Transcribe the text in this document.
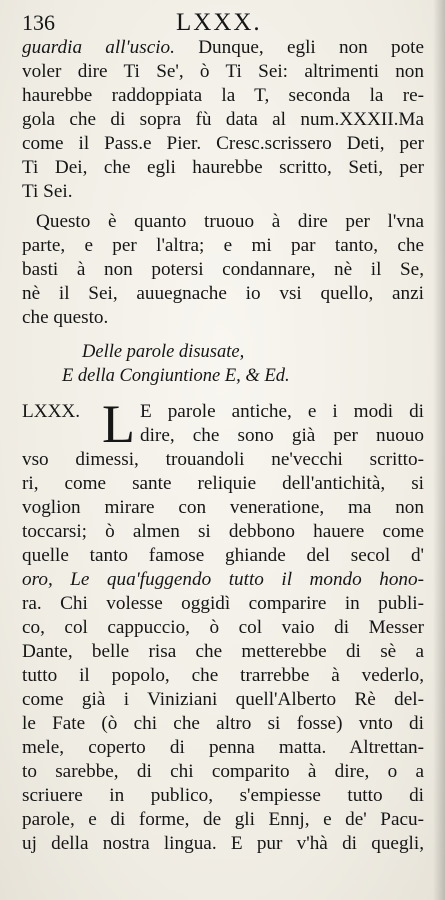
136	LXXX.
guardia all'uscio. Dunque, egli non pote
voler dire Ti Se', ò Ti Sei: altrimenti non
haurebbe raddoppiata la T, seconda la re-
gola che di sopra fù data al num.XXXII.Ma
come il Pass.e Pier. Cresc.scrissero Deti, per
Ti Dei, che egli haurebbe scritto, Seti, per
Ti Sei.
Questo è quanto truouo à dire per l'vna
parte, e per l'altra; e mi par tanto, che
basti à non potersi condannare, nè il Se,
nè il Sei, auuegnache io vsi quello, anzi
che questo.
Delle parole disusate,
E della Congiuntione E, & Ed.
LXXX. L E parole antiche, e i modi di
dire, che sono già per nuouo
vso dimessi, trouandoli ne'vecchi scritto-
ri, come sante reliquie dell'antichità, si
voglion mirare con veneratione, ma non
toccarsi; ò almen si debbono hauere come
quelle tanto famose ghiande del secol d'
oro, Le qua'fuggendo tutto il mondo hono-
ra. Chi volesse oggidì comparire in publi-
co, col cappuccio, ò col vaio di Messer
Dante, belle risa che metterebbe di sè a
tutto il popolo, che trarrebbe à vederlo,
come già i Viniziani quell'Alberto Rè del-
le Fate (ò chi che altro si fosse) vnto di
mele, coperto di penna matta. Altrettan-
to sarebbe, di chi comparito à dire, o a
scriuere in publico, s'empiesse tutto di
parole, e di forme, de gli Ennj, e de' Pacu-
uj della nostra lingua. E pur v'hà di quegli,
